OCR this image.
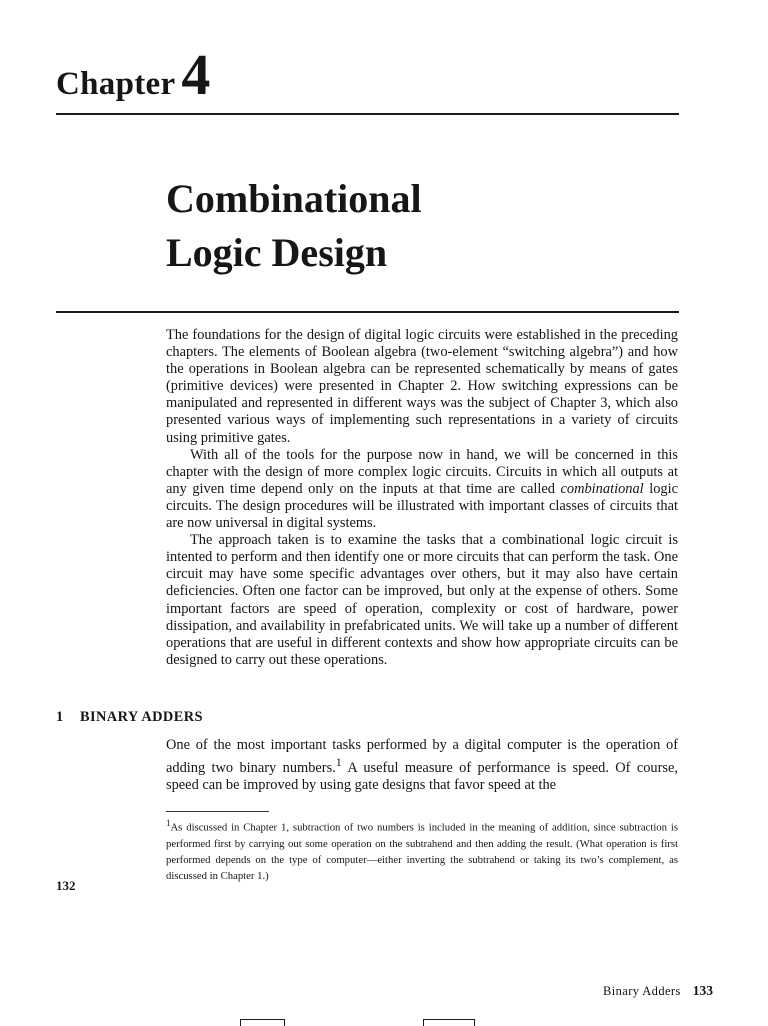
Chapter 4
Combinational
Logic Design

The foundations for the design of digital logic circuits were established in the preceding chapters. The elements of Boolean algebra (two-element “switching algebra”) and how the operations in Boolean algebra can be represented schematically by means of gates (primitive devices) were presented in Chapter 2. How switching expressions can be manipulated and represented in different ways was the subject of Chapter 3, which also presented various ways of implementing such representations in a variety of circuits using primitive gates.

With all of the tools for the purpose now in hand, we will be concerned in this chapter with the design of more complex logic circuits. Circuits in which all outputs at any given time depend only on the inputs at that time are called combinational logic circuits. The design procedures will be illustrated with important classes of circuits that are now universal in digital systems.

The approach taken is to examine the tasks that a combinational logic circuit is intented to perform and then identify one or more circuits that can perform the task. One circuit may have some specific advantages over others, but it may also have certain deficiencies. Often one factor can be improved, but only at the expense of others. Some important factors are speed of operation, complexity or cost of hardware, power dissipation, and availability in prefabricated units. We will take up a number of different operations that are useful in different contexts and show how appropriate circuits can be designed to carry out these operations.

1 BINARY ADDERS

One of the most important tasks performed by a digital computer is the operation of adding two binary numbers.$^1$ A useful measure of performance is speed. Of course, speed can be improved by using gate designs that favor speed at the

$^1$As discussed in Chapter 1, subtraction of two numbers is included in the meaning of addition, since subtraction is performed first by carrying out some operation on the subtrahend and then adding the result. (What operation is first performed depends on the type of computer—either inverting the subtrahend or taking its two’s complement, as discussed in Chapter 1.)
132
Binary Adders 133
